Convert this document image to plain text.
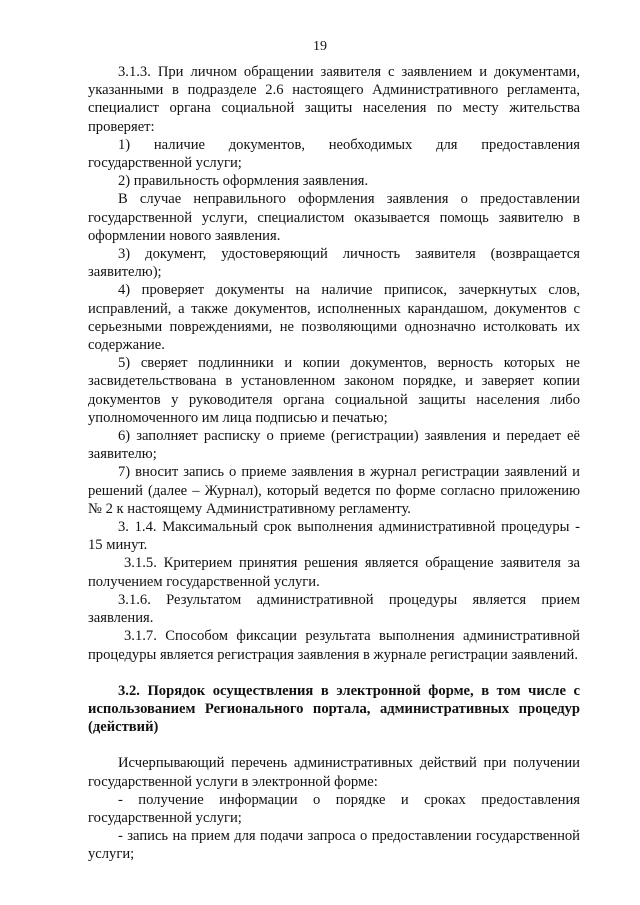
19

3.1.3. При личном обращении заявителя с заявлением и документами, указанными в подразделе 2.6 настоящего Административного регламента, специалист органа социальной защиты населения по месту жительства проверяет:

1) наличие документов, необходимых для предоставления государственной услуги;

2) правильность оформления заявления.

В случае неправильного оформления заявления о предоставлении государственной услуги, специалистом оказывается помощь заявителю в оформлении нового заявления.

3) документ, удостоверяющий личность заявителя (возвращается заявителю);

4) проверяет документы на наличие приписок, зачеркнутых слов, исправлений, а также документов, исполненных карандашом, документов с серьезными повреждениями, не позволяющими однозначно истолковать их содержание.

5) сверяет подлинники и копии документов, верность которых не засвидетельствована в установленном законом порядке, и заверяет копии документов у руководителя органа социальной защиты населения либо уполномоченного им лица подписью и печатью;

6) заполняет расписку о приеме (регистрации) заявления и передает её заявителю;

7) вносит запись о приеме заявления в журнал регистрации заявлений и решений (далее – Журнал), который ведется по форме согласно приложению № 2 к настоящему Административному регламенту.

3. 1.4. Максимальный срок выполнения административной процедуры - 15 минут.

3.1.5. Критерием принятия решения является обращение заявителя за получением государственной услуги.

3.1.6. Результатом административной процедуры является прием заявления.

3.1.7. Способом фиксации результата выполнения административной процедуры является регистрация заявления в журнале регистрации заявлений.

3.2. Порядок осуществления в электронной форме, в том числе с использованием Регионального портала, административных процедур (действий)

Исчерпывающий перечень административных действий при получении государственной услуги в электронной форме:

- получение информации о порядке и сроках предоставления государственной услуги;

- запись на прием для подачи запроса о предоставлении государственной услуги;
